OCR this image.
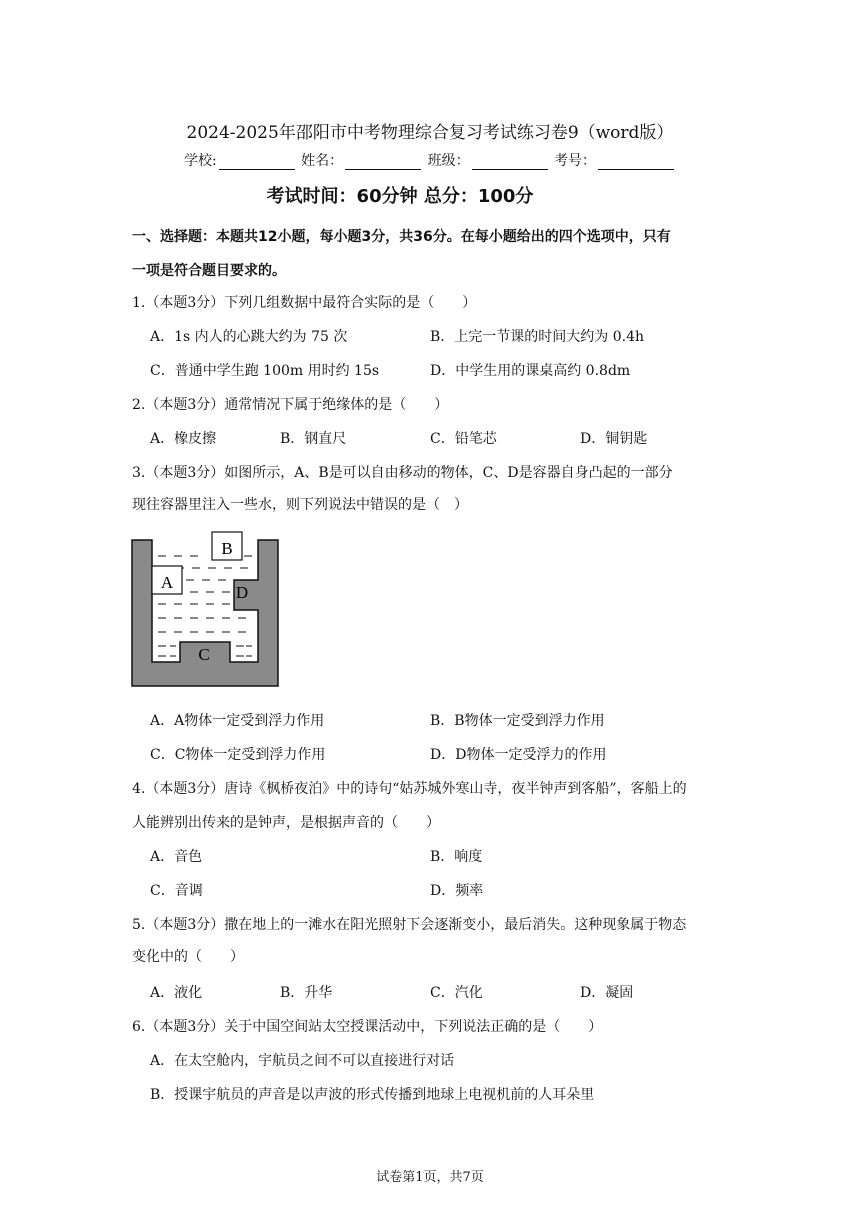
2024-2025年邵阳市中考物理综合复习考试练习卷9（word版）
学校:	姓名：	班级：	考号：
考试时间：60分钟 总分：100分
一、选择题：本题共12小题，每小题3分，共36分。在每小题给出的四个选项中，只有
一项是符合题目要求的。
1.（本题3分）下列几组数据中最符合实际的是（　　）
A．1s 内人的心跳大约为 75 次	B．上完一节课的时间大约为 0.4h
C．普通中学生跑 100m 用时约 15s	D．中学生用的课桌高约 0.8dm
2.（本题3分）通常情况下属于绝缘体的是（　　）
A．橡皮擦	B．钢直尺	C．铅笔芯	D．铜钥匙
3.（本题3分）如图所示，A、B是可以自由移动的物体，C、D是容器自身凸起的一部分
现往容器里注入一些水，则下列说法中错误的是（　）
B
A
D
C
A．A物体一定受到浮力作用	B．B物体一定受到浮力作用
C．C物体一定受到浮力作用	D．D物体一定受浮力的作用
4.（本题3分）唐诗《枫桥夜泊》中的诗句“姑苏城外寒山寺，夜半钟声到客船”，客船上的
人能辨别出传来的是钟声，是根据声音的（　　）
A．音色	B．响度
C．音调	D．频率
5.（本题3分）撒在地上的一滩水在阳光照射下会逐渐变小，最后消失。这种现象属于物态
变化中的（　　）
A．液化	B．升华	C．汽化	D．凝固
6.（本题3分）关于中国空间站太空授课活动中，下列说法正确的是（　　）
A．在太空舱内，宇航员之间不可以直接进行对话
B．授课宇航员的声音是以声波的形式传播到地球上电视机前的人耳朵里
试卷第1页，共7页
